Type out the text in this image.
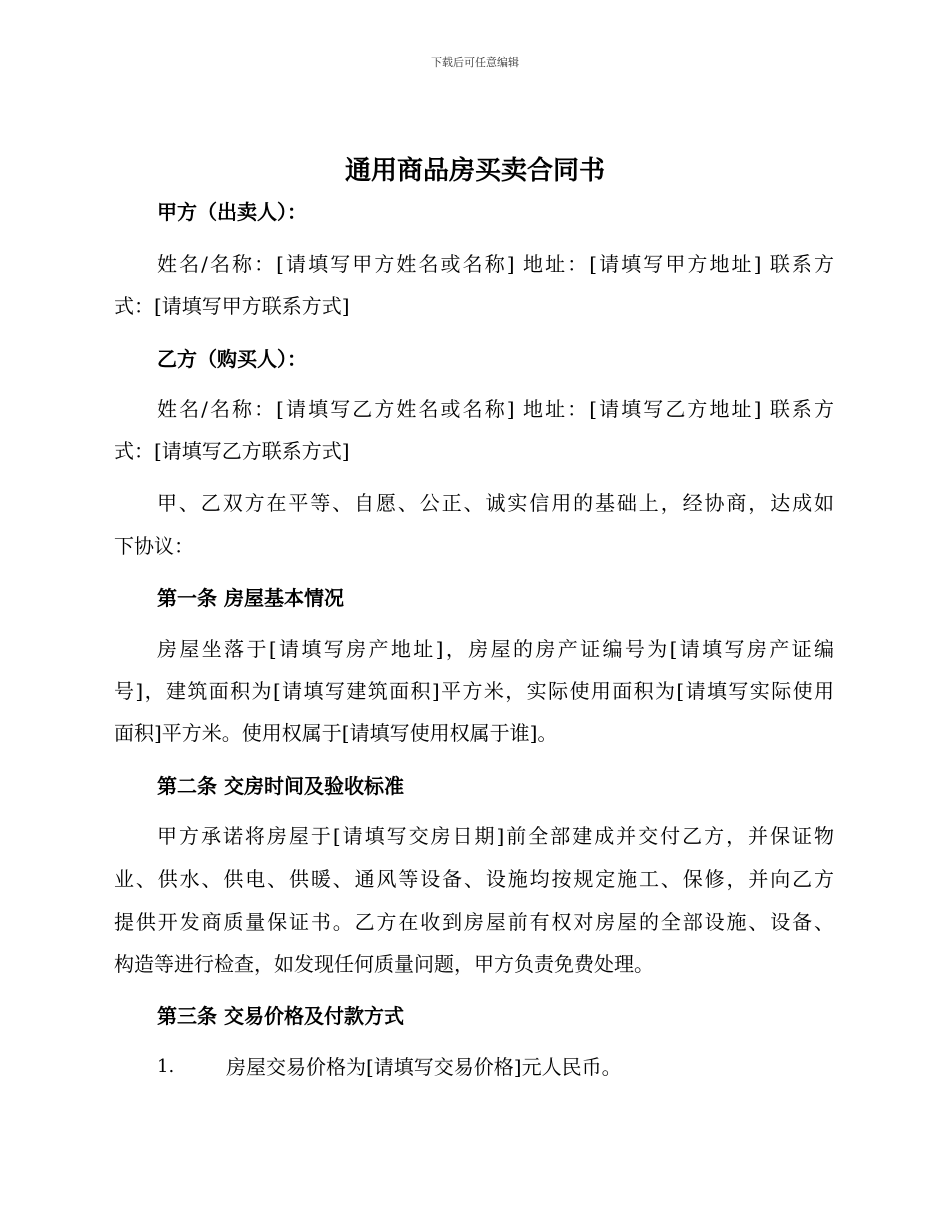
下载后可任意编辑
通用商品房买卖合同书
甲方（出卖人）：
姓名/名称：[请填写甲方姓名或名称] 地址：[请填写甲方地址] 联系方
式：[请填写甲方联系方式]
乙方（购买人）：
姓名/名称：[请填写乙方姓名或名称] 地址：[请填写乙方地址] 联系方
式：[请填写乙方联系方式]
甲、乙双方在平等、自愿、公正、诚实信用的基础上，经协商，达成如
下协议：
第一条 房屋基本情况
房屋坐落于[请填写房产地址]，房屋的房产证编号为[请填写房产证编
号]，建筑面积为[请填写建筑面积]平方米，实际使用面积为[请填写实际使用
面积]平方米。使用权属于[请填写使用权属于谁]。
第二条 交房时间及验收标准
甲方承诺将房屋于[请填写交房日期]前全部建成并交付乙方，并保证物
业、供水、供电、供暖、通风等设备、设施均按规定施工、保修，并向乙方
提供开发商质量保证书。乙方在收到房屋前有权对房屋的全部设施、设备、
构造等进行检查，如发现任何质量问题，甲方负责免费处理。
第三条 交易价格及付款方式
1.	房屋交易价格为[请填写交易价格]元人民币。
